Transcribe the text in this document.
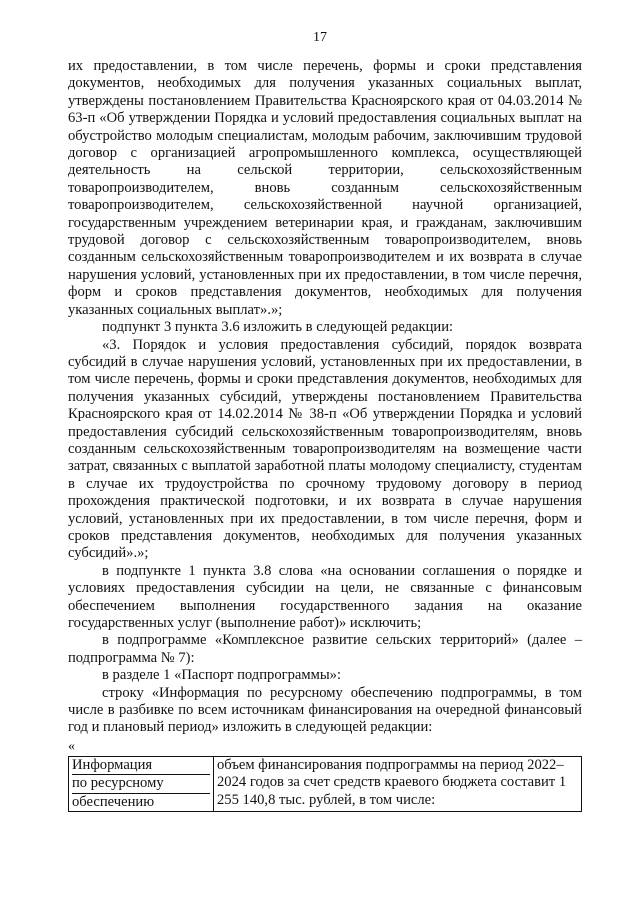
17

их предоставлении, в том числе перечень, формы и сроки представления документов, необходимых для получения указанных социальных выплат, утверждены постановлением Правительства Красноярского края от 04.03.2014 № 63-п «Об утверждении Порядка и условий предоставления социальных выплат на обустройство молодым специалистам, молодым рабочим, заключившим трудовой договор с организацией агропромышленного комплекса, осуществляющей деятельность на сельской территории, сельскохозяйственным товаропроизводителем, вновь созданным сельскохозяйственным товаропроизводителем, сельскохозяйственной научной организацией, государственным учреждением ветеринарии края, и гражданам, заключившим трудовой договор с сельскохозяйственным товаропроизводителем, вновь созданным сельскохозяйственным товаропроизводителем и их возврата в случае нарушения условий, установленных при их предоставлении, в том числе перечня, форм и сроков представления документов, необходимых для получения указанных социальных выплат».»;

подпункт 3 пункта 3.6 изложить в следующей редакции:

«3. Порядок и условия предоставления субсидий, порядок возврата субсидий в случае нарушения условий, установленных при их предоставлении, в том числе перечень, формы и сроки представления документов, необходимых для получения указанных субсидий, утверждены постановлением Правительства Красноярского края от 14.02.2014 № 38-п «Об утверждении Порядка и условий предоставления субсидий сельскохозяйственным товаропроизводителям, вновь созданным сельскохозяйственным товаропроизводителям на возмещение части затрат, связанных с выплатой заработной платы молодому специалисту, студентам в случае их трудоустройства по срочному трудовому договору в период прохождения практической подготовки, и их возврата в случае нарушения условий, установленных при их предоставлении, в том числе перечня, форм и сроков представления документов, необходимых для получения указанных субсидий».»;

в подпункте 1 пункта 3.8 слова «на основании соглашения о порядке и условиях предоставления субсидии на цели, не связанные с финансовым обеспечением выполнения государственного задания на оказание государственных услуг (выполнение работ)» исключить;

в подпрограмме «Комплексное развитие сельских территорий» (далее – подпрограмма № 7):

в разделе 1 «Паспорт подпрограммы»:

строку «Информация по ресурсному обеспечению подпрограммы, в том числе в разбивке по всем источникам финансирования на очередной финансовый год и плановый период» изложить в следующей редакции:

«
Информация
по ресурсному
обеспечению
	объем финансирования подпрограммы на период 2022–2024 годов за счет средств краевого бюджета составит 1 255 140,8 тыс. рублей, в том числе:
